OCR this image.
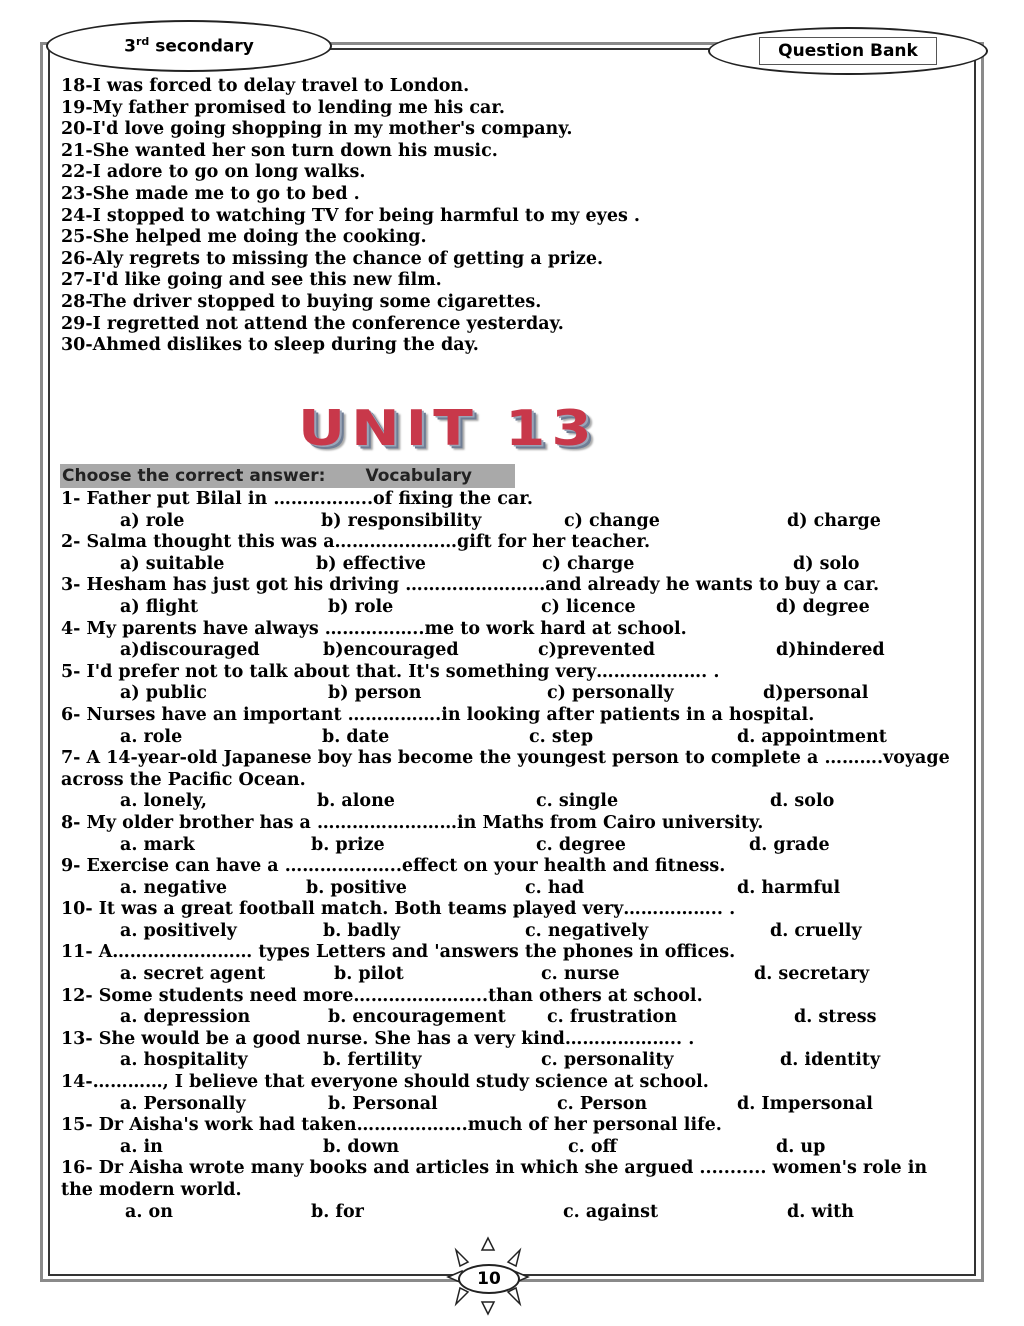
3rd secondary	Question Bank
18-I was forced to delay travel to London.
19-My father promised to lending me his car.
20-I'd love going shopping in my mother's company.
21-She wanted her son turn down his music.
22-I adore to go on long walks.
23-She made me to go to bed .
24-I stopped to watching TV for being harmful to my eyes .
25-She helped me doing the cooking.
26-Aly regrets to missing the chance of getting a prize.
27-I'd like going and see this new film.
28-The driver stopped to buying some cigarettes.
29-I regretted not attend the conference yesterday.
30-Ahmed dislikes to sleep during the day.
UNIT 13
Choose the correct answer: Vocabulary
1- Father put Bilal in ……………..of fixing the car.
a) role	b) responsibility	c) change	d) charge
2- Salma thought this was a…………………gift for her teacher.
a) suitable	b) effective	c) charge	d) solo
3- Hesham has just got his driving ……………………and already he wants to buy a car.
a) flight	b) role	c) licence	d) degree
4- My parents have always ……………..me to work hard at school.
a)discouraged	b)encouraged	c)prevented	d)hindered
5- I'd prefer not to talk about that. It's something very………………. .
a) public	b) person	c) personally	d)personal
6- Nurses have an important …………….in looking after patients in a hospital.
a. role	b. date	c. step	d. appointment
7- A 14-year-old Japanese boy has become the youngest person to complete a ……….voyage across the Pacific Ocean.
a. lonely,	b. alone	c. single	d. solo
8- My older brother has a ……………………in Maths from Cairo university.
a. mark	b. prize	c. degree	d. grade
9- Exercise can have a ………………..effect on your health and fitness.
a. negative	b. positive	c. had	d. harmful
10- It was a great football match. Both teams played very…………….. .
a. positively	b. badly	c. negatively	d. cruelly
11- A…………………… types Letters and 'answers the phones in offices.
a. secret agent	b. pilot	c. nurse	d. secretary
12- Some students need more…………………..than others at school.
a. depression	b. encouragement c. frustration	d. stress
13- She would be a good nurse. She has a very kind……………….. .
a. hospitality	b. fertility	c. personality	d. identity
14-…………, I believe that everyone should study science at school.
a. Personally	b. Personal	c. Person	d. Impersonal
15- Dr Aisha's work had taken……………….much of her personal life.
a. in	b. down	c. off	d. up
16- Dr Aisha wrote many books and articles in which she argued ........... women's role in the modern world.
a. on	b. for	c. against	d. with
10
